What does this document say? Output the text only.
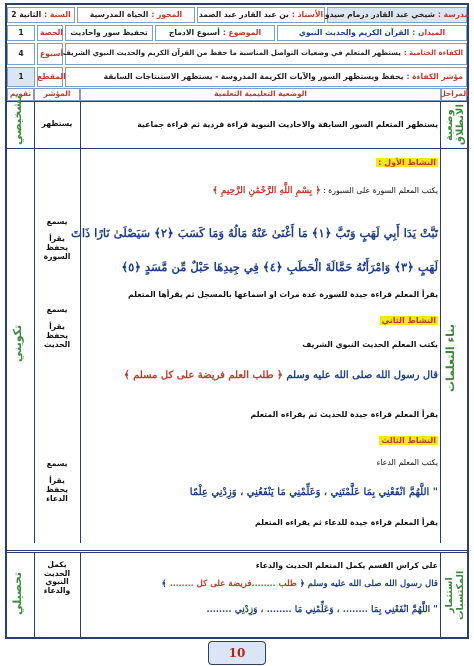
مدرسة :
شيخي عبد القادر درمام سيدو
الأستاذ :
بن عبد القادر عبد الصمد
المحور :
الحياة المدرسية
السنة :
الثانية 2
الميدان :
القرآن الكريم والحديث النبوي
الموضوع :
أسبوع الادماج
تحفيظ سور واحاديث
الحصة
1
الكفاءة الختامية :
يستظهر المتعلم في وضعيات التواصل المناسبة ما حفظ من القرآن الكريم والحديث النبوي الشريف
أسبوع
4
مؤشر الكفاءة :
يحفظ ويستظهر السور والآيات الكريمة المدروسة - يستظهر الاستنتاجات السابقة
المقطع
1
المراحل
الوضعية التعليمية التعلمية
المؤشر
تقويم
وضعية الانطلاق
بناء التعلمات
تشخيصي
تكويني
يستظهر المتعلم السور السابقة والاحاديث النبوية قراءة فردية ثم قراءة جماعية
يستظهر
النشاط الأول :
يكتب المعلم السورة على السبورة : ﴿ بِسْمِ اللَّهِ الرَّحْمَٰنِ الرَّحِيمِ ﴾
تَبَّتْ يَدَا أَبِي لَهَبٍ وَتَبَّ ﴿١﴾ مَا أَغْنَىٰ عَنْهُ مَالُهُ وَمَا كَسَبَ ﴿٢﴾ سَيَصْلَىٰ نَارًا ذَاتَ
لَهَبٍ ﴿٣﴾ وَامْرَأَتُهُ حَمَّالَةَ الْحَطَبِ ﴿٤﴾ فِي جِيدِهَا حَبْلٌ مِّن مَّسَدٍ ﴿٥﴾
يقرأ المعلم قراءة جيدة للسورة عدة مرات او اسماعها بالمسجل ثم يقرأها المتعلم
النشاط الثاني
يكتب المعلم الحديث النبوي الشريف
قال رسول الله صلى الله عليه وسلم ﴿ طلب العلم فريضة على كل مسلم ﴾
يقرأ المعلم قراءة جيدة للحديث ثم يقراءه المتعلم
النشاط الثالث
يكتب المعلم الدعاء
" اللَّهُمَّ انْفَعْنِي بِمَا عَلَّمْتَنِي ، وَعَلِّمْنِي مَا يَنْفَعُنِي ، وَزِدْنِي عِلْمًا
يقرأ المعلم قراءة جيدة للدعاء ثم يقراءه المتعلم
يسمع

يقرأ
يحفظ
السورة
يسمع

يقرأ
يحفظ
الحديث
يسمع

يقرأ
يحفظ
الدعاء
استثمار المكتسبات
تحصيلي
على كراس القسم يكمل المتعلم الحديث والدعاء
قال رسول الله صلى الله عليه وسلم ﴿ طلب ........فريضة على كل ........ ﴾
" اللَّهُمَّ انْفَعْنِي بِمَا ........ ، وَعَلِّمْنِي مَا ........ ، وَزِدْنِي ........
يكمل
الحديث
النبوي
والدعاء
10
